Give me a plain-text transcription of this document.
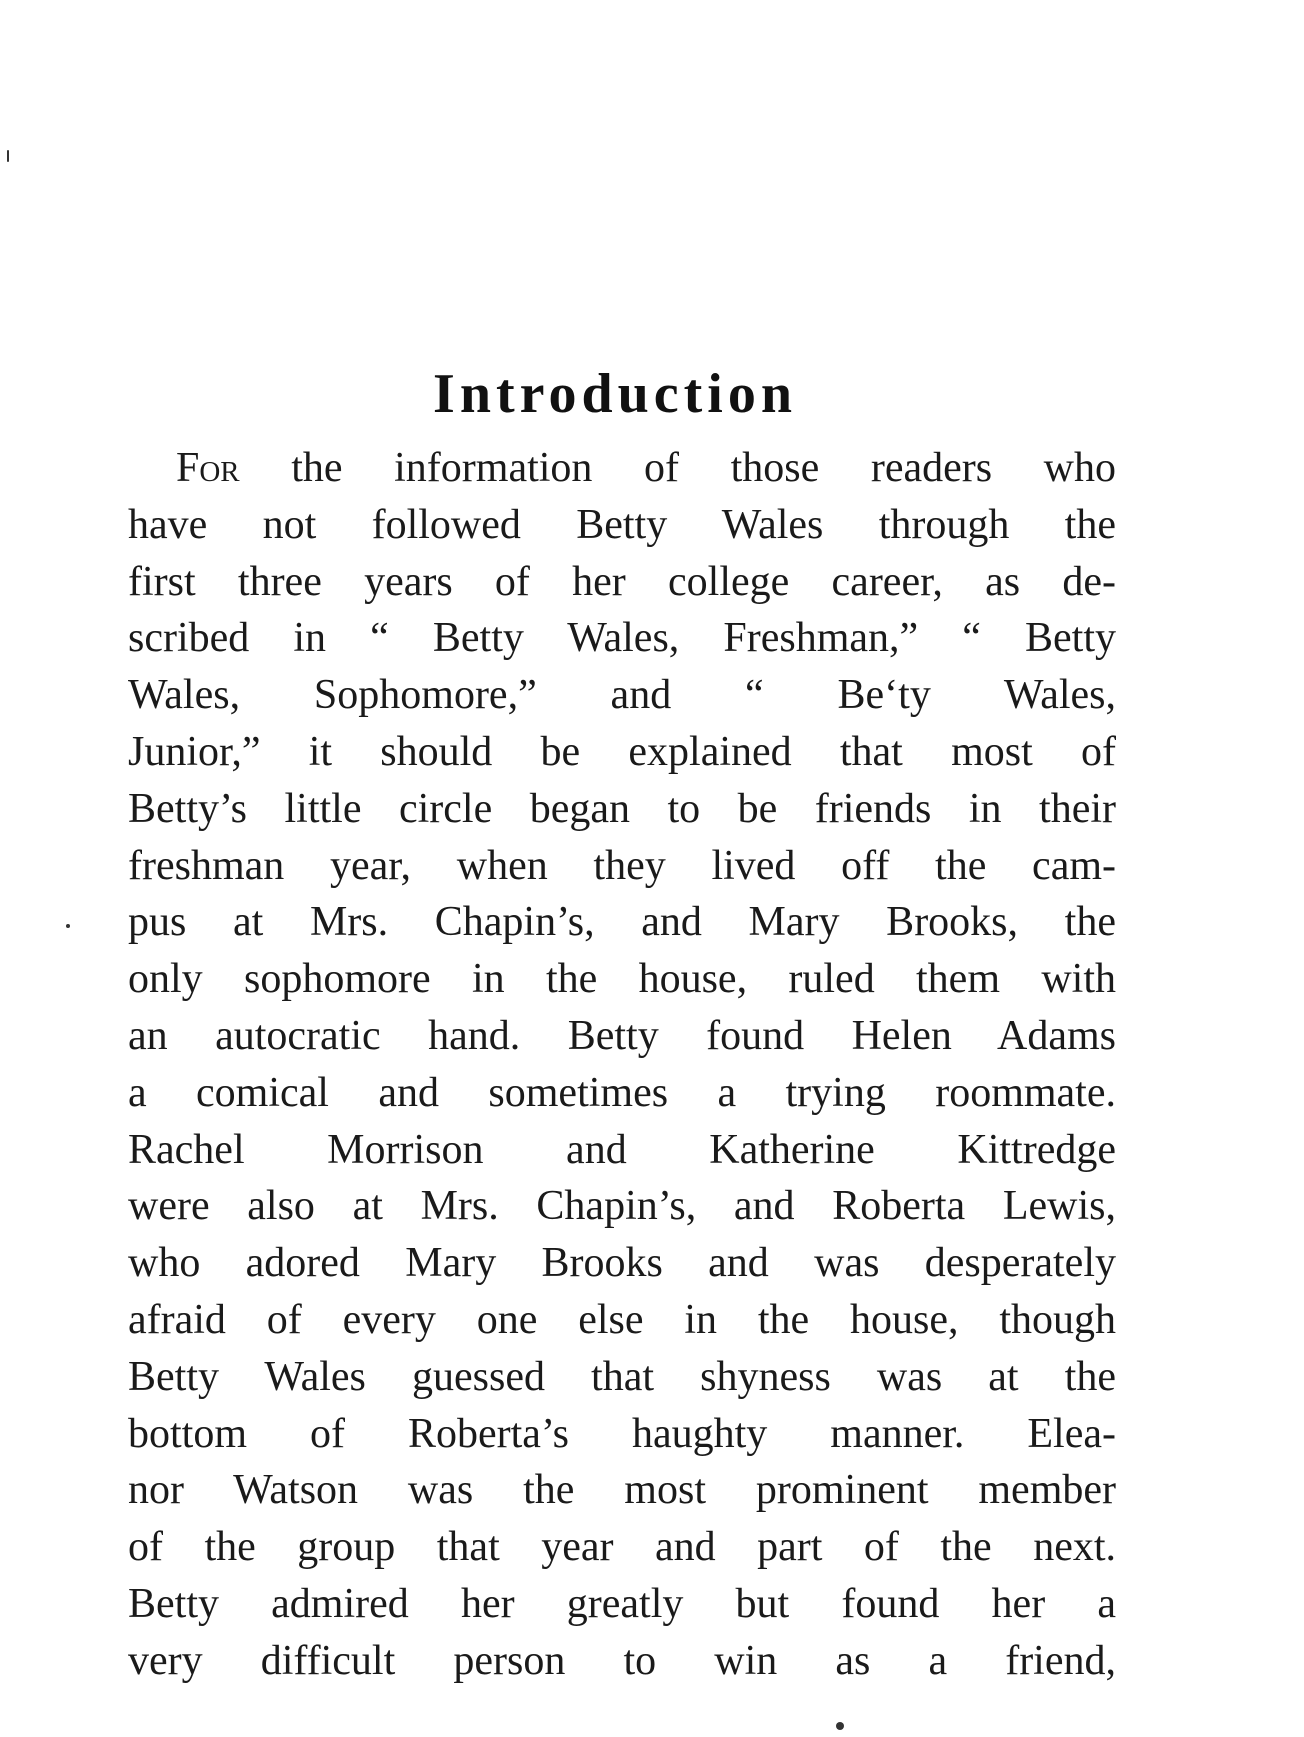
Introduction
For the information of those readers who
have not followed Betty Wales through the
first three years of her college career, as de-
scribed in “ Betty Wales, Freshman,” “ Betty
Wales, Sophomore,” and “ Be‘ty Wales,
Junior,” it should be explained that most of
Betty’s little circle began to be friends in their
freshman year, when they lived off the cam-
pus at Mrs. Chapin’s, and Mary Brooks, the
only sophomore in the house, ruled them with
an autocratic hand. Betty found Helen Adams
a comical and sometimes a trying roommate.
Rachel Morrison and Katherine Kittredge
were also at Mrs. Chapin’s, and Roberta Lewis,
who adored Mary Brooks and was desperately
afraid of every one else in the house, though
Betty Wales guessed that shyness was at the
bottom of Roberta’s haughty manner. Elea-
nor Watson was the most prominent member
of the group that year and part of the next.
Betty admired her greatly but found her a
very difficult person to win as a friend,
